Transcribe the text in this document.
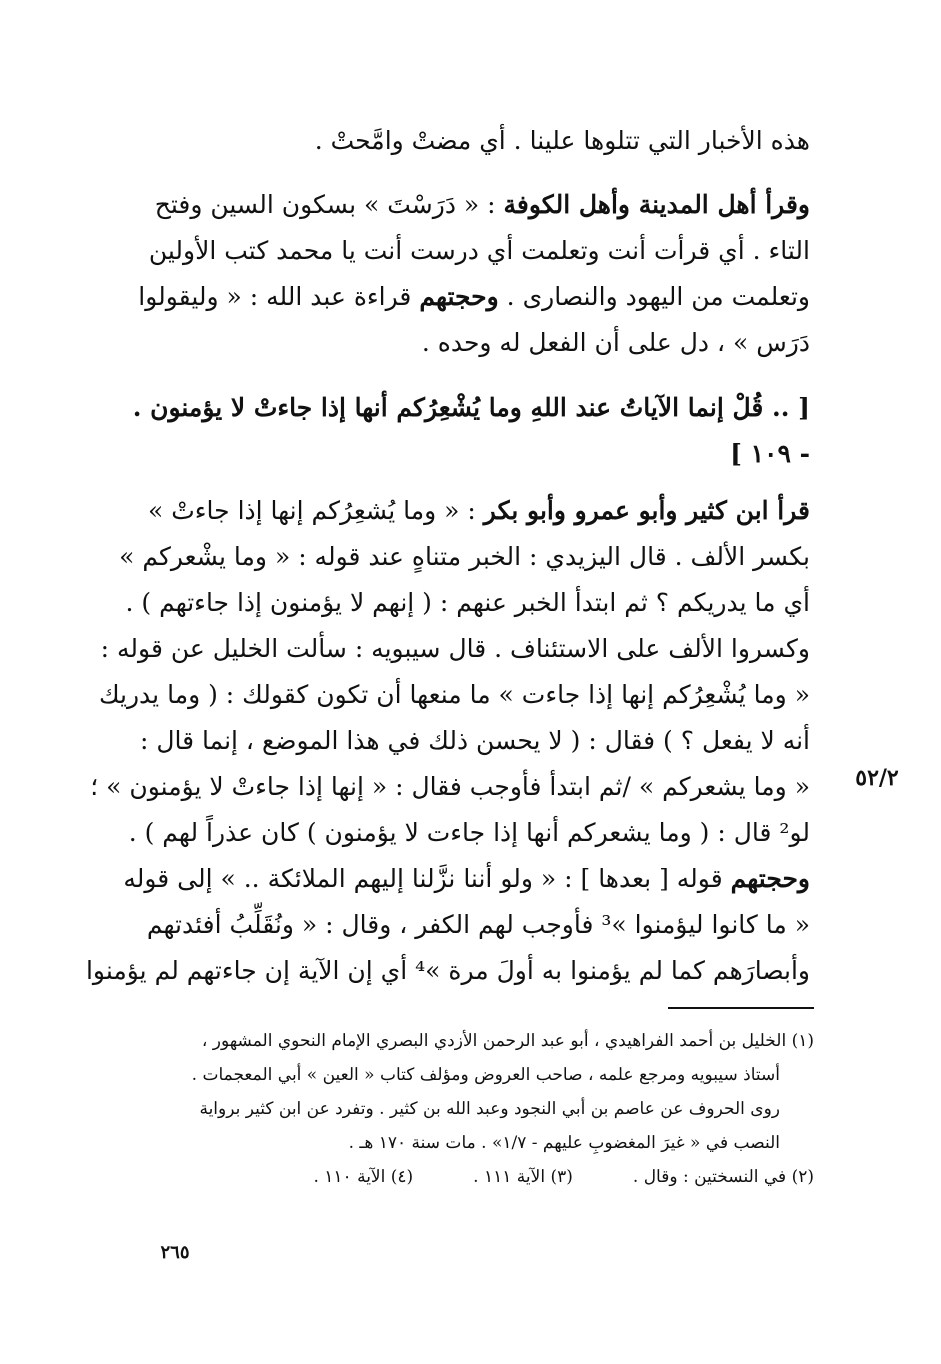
هذه الأخبار التي تتلوها علينا . أي مضتْ وامَّحتْ .
وقرأ أهل المدينة وأهل الكوفة : « دَرَسْتَ » بسكون السين وفتح
التاء . أي قرأت أنت وتعلمت أي درست أنت يا محمد كتب الأولين
وتعلمت من اليهود والنصارى . وحجتهم قراءة عبد الله : « وليقولوا
دَرَس » ، دل على أن الفعل له وحده .
[ .. قُلْ إنما الآياتُ عند اللهِ وما يُشْعِرُكم أنها إذا جاءتْ لا يؤمنون .
- ١٠٩ ]
قرأ ابن كثير وأبو عمرو وأبو بكر : « وما يُشعِرُكم إنها إذا جاءتْ »
بكسر الألف . قال اليزيدي : الخبر متناهٍ عند قوله : « وما يشْعركم »
أي ما يدريكم ؟ ثم ابتدأ الخبر عنهم : ( إنهم لا يؤمنون إذا جاءتهم ) .
وكسروا الألف على الاستئناف . قال سيبويه : سألت الخليل عن قوله :
« وما يُشْعِرُكم إنها إذا جاءت » ما منعها أن تكون كقولك : ( وما يدريك
أنه لا يفعل ؟ ) فقال : ( لا يحسن ذلك في هذا الموضع ، إنما قال :
« وما يشعركم » /ثم ابتدأ فأوجب فقال : « إنها إذا جاءتْ لا يؤمنون » ؛
لو² قال : ( وما يشعركم أنها إذا جاءت لا يؤمنون ) كان عذراً لهم ) .
وحجتهم قوله [ بعدها ] : « ولو أننا نزَّلنا إليهم الملائكة .. » إلى قوله
« ما كانوا ليؤمنوا »³ فأوجب لهم الكفر ، وقال : « ونُقَلِّبُ أفئدتهم
وأبصارَهم كما لم يؤمنوا به أولَ مرة »⁴ أي إن الآية إن جاءتهم لم يؤمنوا
٥٢/٢
(١) الخليل بن أحمد الفراهيدي ، أبو عبد الرحمن الأزدي البصري الإمام النحوي المشهور ،
أستاذ سيبويه ومرجع علمه ، صاحب العروض ومؤلف كتاب « العين » أبي المعجمات .
روى الحروف عن عاصم بن أبي النجود وعبد الله بن كثير . وتفرد عن ابن كثير برواية
النصب في « غيرَ المغضوبِ عليهم - ١/٧» . مات سنة ١٧٠ هـ .
(٢) في النسختين : وقال .
(٣) الآية ١١١ .
(٤) الآية ١١٠ .
٢٦٥
